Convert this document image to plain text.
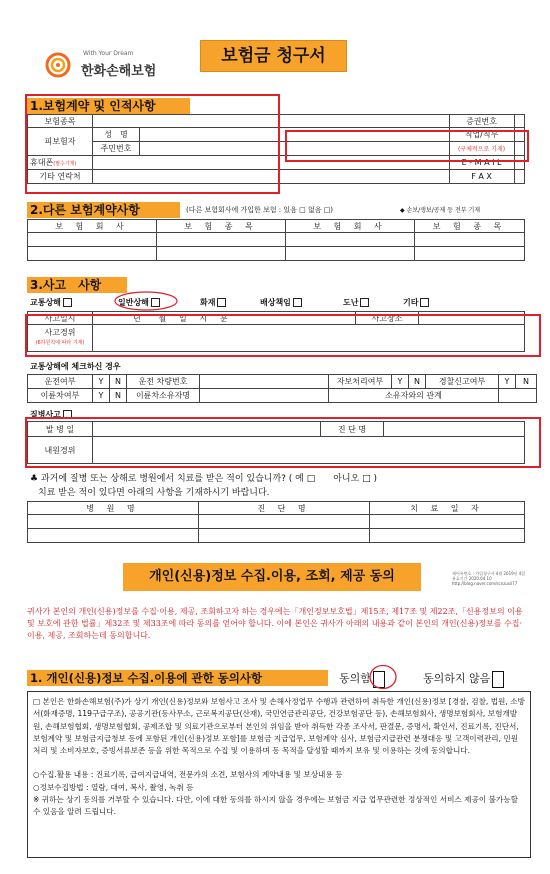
With Your Dream
한화손해보험
보험금 청구서
1.보험계약 및 인적사항
보험종목			증권번호	
피보험자	성　명		직업/직무	
	주민번호		(구체적으로 기재)	
휴대폰(필수기재)			E - M A I L	
기타 연락처			F A X	
2.다른 보험계약사항	(다른 보험회사에 가입한 보험 : 있음 □ 없음 □)	◆ 손보/생보/공제 등 전부 기재
보 험 회 사	보 험 종 목	보 험 회 사	보 험 종 목

3.사고　사항
교통상해	일반상해	화재	배상책임	도난	기타
사고일시	년 월 일 시 분	사고장소	
사고경위
(6하원칙에 따라 기재)			
교통상해에 체크하신 경우
운전여부	Y	N	운전 차량번호		자보처리여부	Y	N	경찰신고여부	Y	N
이륜차여부	Y	N	이륜차소유자명		소유자와의 관계					
질병사고
발 병 일		진 단 명	
내원경위			
♣ 과거에 질병 또는 상해로 병원에서 치료를 받은 적이 있습니까? ( 예 □　　아니오 □ )
치료 받은 적이 있다면 아래의 사항을 기재하시기 바랍니다.
병 원 명	진 단 명	치 료 일 자

개인(신용)정보 수집.이용, 조회, 제공 동의	제어록번호 : 가입청구서 4월 2019년 4일
유효기간 2020.04.10
http://blog.naver.com/scnzusil77
귀사가 본인의 개인(신용)정보를 수집·이용, 제공, 조회하고자 하는 경우에는「개인정보보호법」제15조, 제17조 및 제22조,「신용정보의 이용 및 보호에 관한 법률」제32조 및 제33조에 따라 동의를 얻어야 합니다. 이에 본인은 귀사가 아래의 내용과 같이 본인의 개인(신용)정보를 수집·이용, 제공, 조회하는데 동의합니다.
1. 개인(신용)정보 수집.이용에 관한 동의사항	동의함	동의하지 않음
□ 본인은 한화손해보험(주)가 상기 개인(신용)정보와 보험사고 조사 및 손해사정업무 수행과 관련하여 취득한 개인(신용)정보 [경찰, 검찰, 법원, 소방서(화재증명, 119구급구조), 공공기관(동사무소, 근로복지공단(산재), 국민연금관리공단, 건강보험공단 등), 손해보험회사, 생명보험회사, 보험개발원, 손해보험협회, 생명보험협회, 공제조합 및 의료기관으로부터 본인의 위임을 받아 취득한 각종 조사서, 판결문, 증명서, 확인서, 진료기록, 진단서, 보험계약 및 보험금지급청보 등에 포함된 개인(신용)정보 포함]를 보험금 지급업무, 보험계약 심사, 보험금지급관련 분쟁대응 및 고객이력관리, 민원처리 및 소비자보호, 증빙서류보존 등을 위한 목적으로 수집 및 이용하며 동 목적을 달성할 때까지 보유 및 이용하는 것에 동의합니다.
○수집.활용 내용 : 진료기록, 급여지급내역, 전문가의 소견, 보험사의 계약내용 및 보상내용 등
○정보수집방법 : 열람, 대여, 복사, 촬영, 녹취 등
※ 귀하는 상기 동의를 거부할 수 있습니다. 다만, 이에 대한 동의를 하시지 않을 경우에는 보험금 지급 업무관련한 정상적인 서비스 제공이 불가능할 수 있음을 알려 드립니다.
